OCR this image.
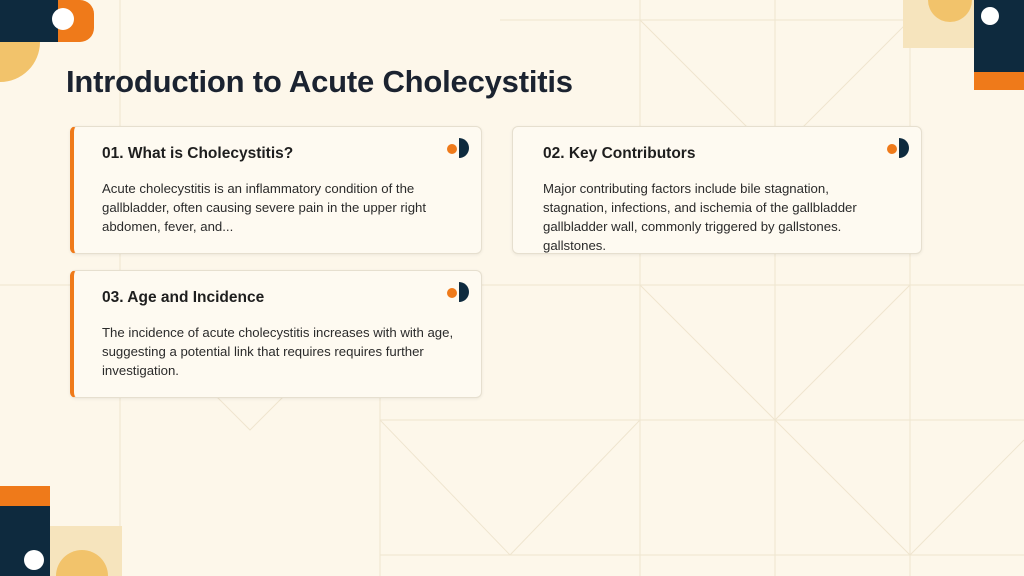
Introduction to Acute Cholecystitis
01. What is Cholecystitis?
Acute cholecystitis is an inflammatory condition of the gallbladder, often causing severe pain in the upper right abdomen, fever, and...
02. Key Contributors
Major contributing factors include bile stagnation, stagnation, infections, and ischemia of the gallbladder gallbladder wall, commonly triggered by gallstones. gallstones.
03. Age and Incidence
The incidence of acute cholecystitis increases with with age, suggesting a potential link that requires requires further investigation.
